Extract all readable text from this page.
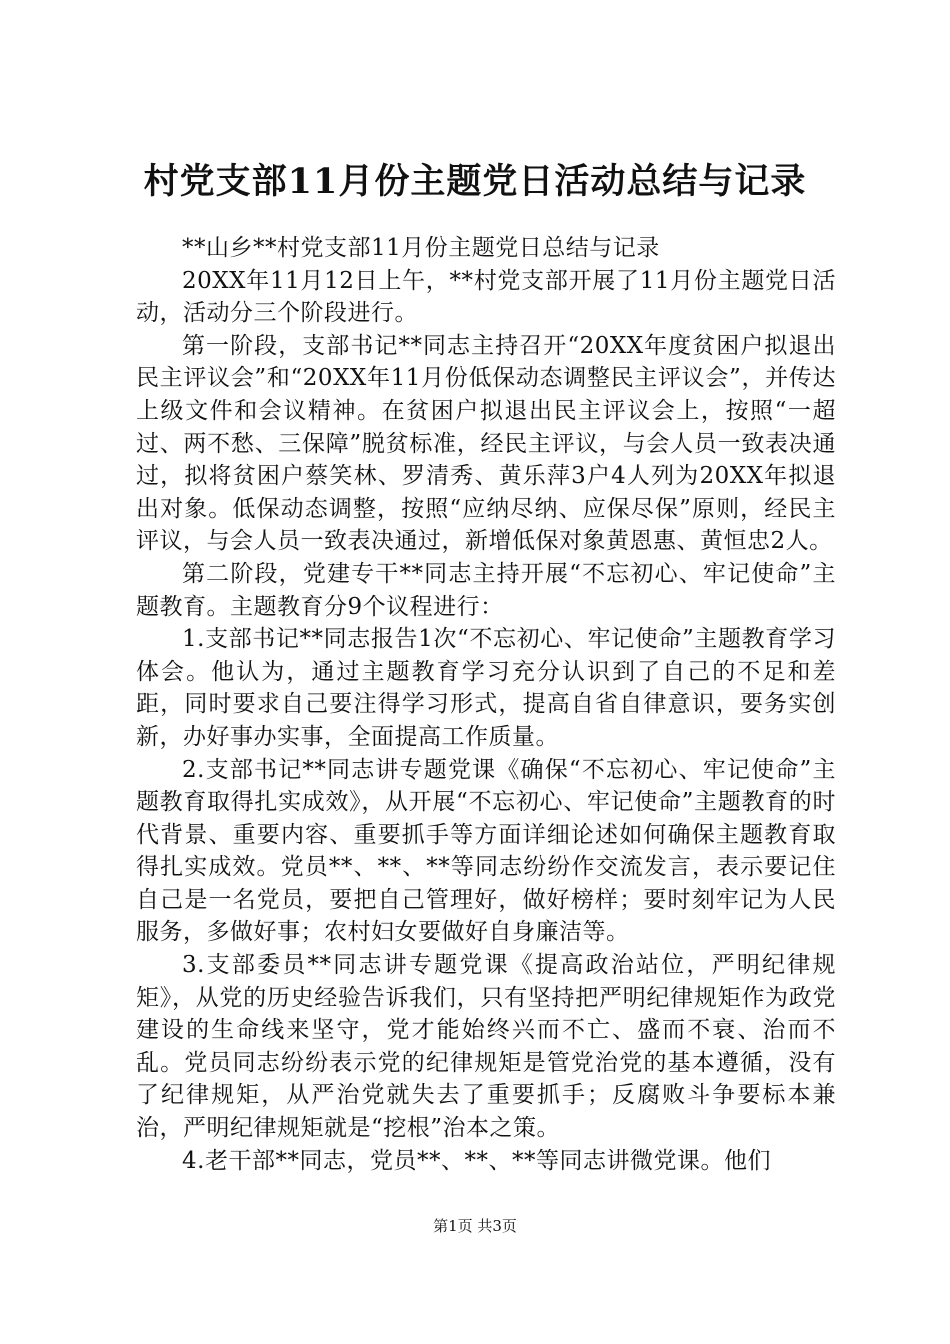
村党支部11月份主题党日活动总结与记录

**山乡**村党支部11月份主题党日总结与记录

20XX年11月12日上午，**村党支部开展了11月份主题党日活动，活动分三个阶段进行。

第一阶段，支部书记**同志主持召开“20XX年度贫困户拟退出民主评议会”和“20XX年11月份低保动态调整民主评议会”，并传达上级文件和会议精神。在贫困户拟退出民主评议会上，按照“一超过、两不愁、三保障”脱贫标准，经民主评议，与会人员一致表决通过，拟将贫困户蔡笑林、罗清秀、黄乐萍3户4人列为20XX年拟退出对象。低保动态调整，按照“应纳尽纳、应保尽保”原则，经民主评议，与会人员一致表决通过，新增低保对象黄恩惠、黄恒忠2人。

第二阶段，党建专干**同志主持开展“不忘初心、牢记使命”主题教育。主题教育分9个议程进行：

1.支部书记**同志报告1次“不忘初心、牢记使命”主题教育学习体会。他认为，通过主题教育学习充分认识到了自己的不足和差距，同时要求自己要注得学习形式，提高自省自律意识，要务实创新，办好事办实事，全面提高工作质量。

2.支部书记**同志讲专题党课《确保“不忘初心、牢记使命”主题教育取得扎实成效》，从开展“不忘初心、牢记使命”主题教育的时代背景、重要内容、重要抓手等方面详细论述如何确保主题教育取得扎实成效。党员**、**、**等同志纷纷作交流发言，表示要记住自己是一名党员，要把自己管理好，做好榜样；要时刻牢记为人民服务，多做好事；农村妇女要做好自身廉洁等。

3.支部委员**同志讲专题党课《提高政治站位，严明纪律规矩》，从党的历史经验告诉我们，只有坚持把严明纪律规矩作为政党建设的生命线来坚守，党才能始终兴而不亡、盛而不衰、治而不乱。党员同志纷纷表示党的纪律规矩是管党治党的基本遵循，没有了纪律规矩，从严治党就失去了重要抓手；反腐败斗争要标本兼治，严明纪律规矩就是“挖根”治本之策。

4.老干部**同志，党员**、**、**等同志讲微党课。他们

第1页 共3页
